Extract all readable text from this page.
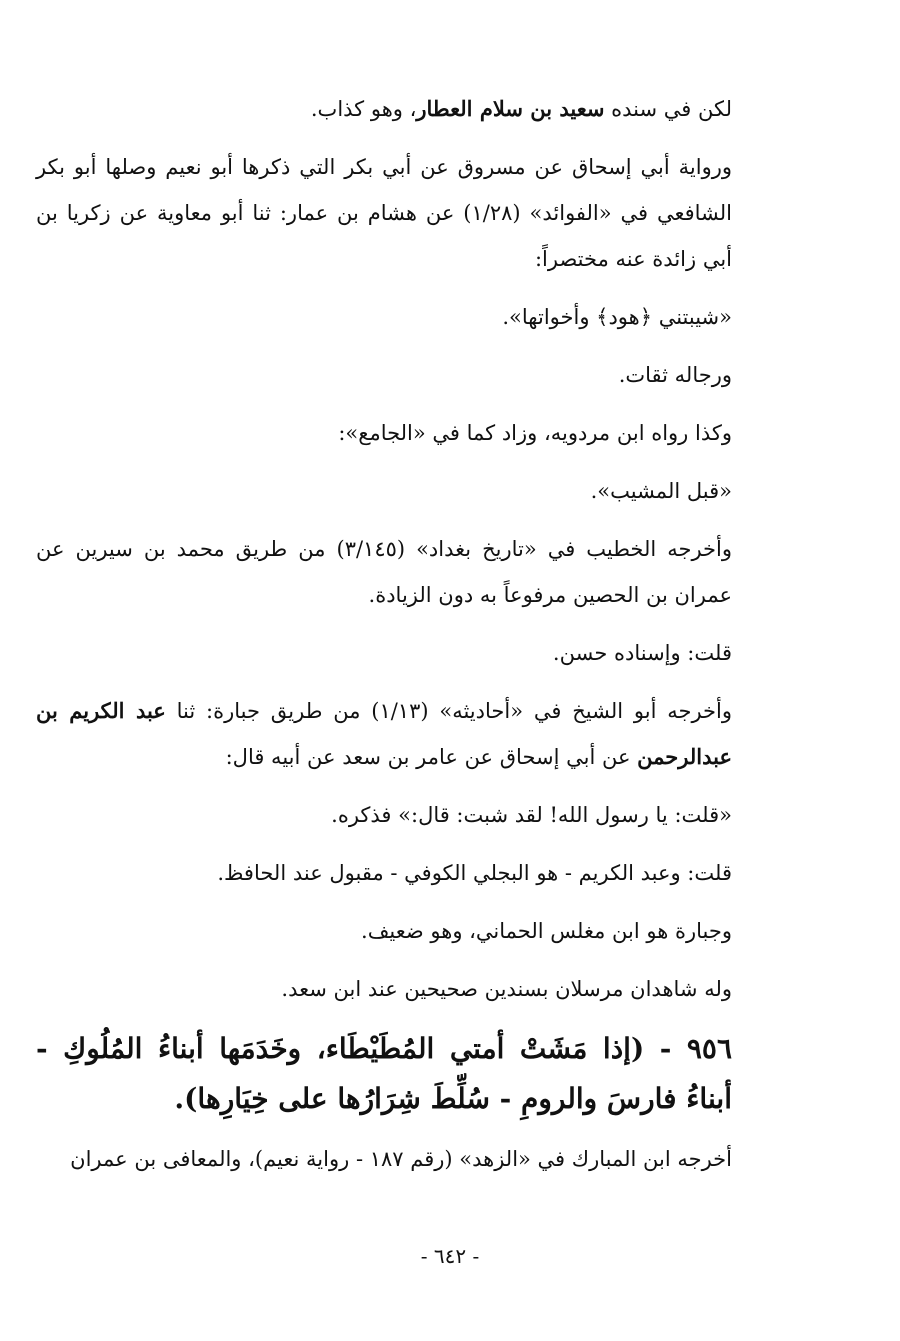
لكن في سنده سعيد بن سلام العطار، وهو كذاب.

ورواية أبي إسحاق عن مسروق عن أبي بكر التي ذكرها أبو نعيم وصلها أبو بكر الشافعي في «الفوائد» (١/٢٨) عن هشام بن عمار: ثنا أبو معاوية عن زكريا بن أبي زائدة عنه مختصراً:

«شيبتني ﴿هود﴾ وأخواتها».

ورجاله ثقات.

وكذا رواه ابن مردويه، وزاد كما في «الجامع»:

«قبل المشيب».

وأخرجه الخطيب في «تاريخ بغداد» (٣/١٤٥) من طريق محمد بن سيرين عن عمران بن الحصين مرفوعاً به دون الزيادة.

قلت: وإسناده حسن.

وأخرجه أبو الشيخ في «أحاديثه» (١/١٣) من طريق جبارة: ثنا عبد الكريم بن عبدالرحمن عن أبي إسحاق عن عامر بن سعد عن أبيه قال:

«قلت: يا رسول الله! لقد شبت: قال:» فذكره.

قلت: وعبد الكريم - هو البجلي الكوفي - مقبول عند الحافظ.

وجبارة هو ابن مغلس الحماني، وهو ضعيف.

وله شاهدان مرسلان بسندين صحيحين عند ابن سعد.

٩٥٦ - (إذا مَشَتْ أمتي المُطَيْطَاء، وخَدَمَها أبناءُ المُلُوكِ - أبناءُ فارسَ والرومِ - سُلِّطَ شِرَارُها على خِيَارِها).

أخرجه ابن المبارك في «الزهد» (رقم ١٨٧ - رواية نعيم)، والمعافى بن عمران

- ٦٤٢ -
